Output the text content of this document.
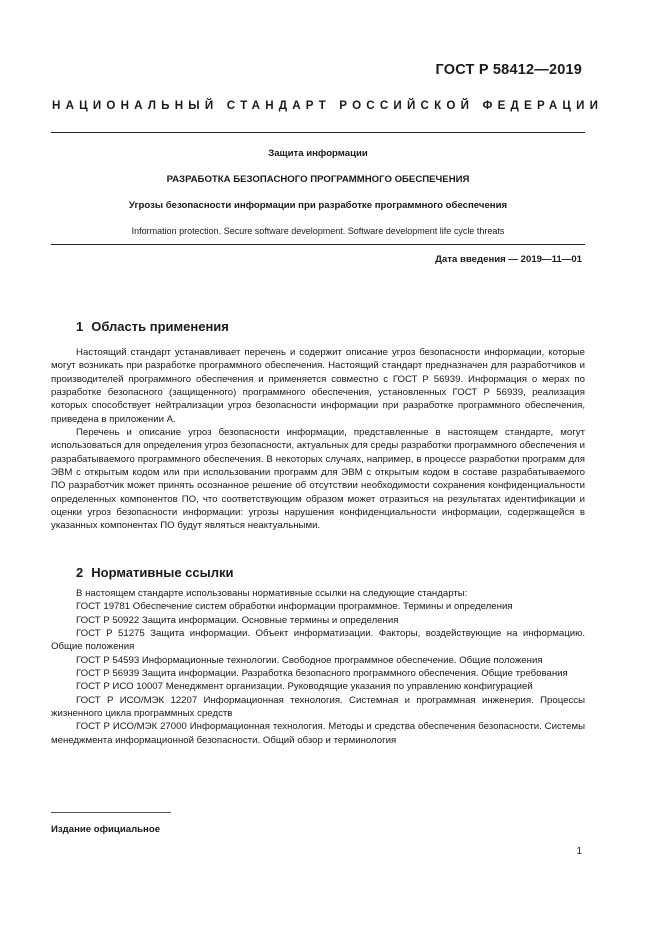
ГОСТ Р 58412—2019
НАЦИОНАЛЬНЫЙ СТАНДАРТ РОССИЙСКОЙ ФЕДЕРАЦИИ
Защита информации
РАЗРАБОТКА БЕЗОПАСНОГО ПРОГРАММНОГО ОБЕСПЕЧЕНИЯ
Угрозы безопасности информации при разработке программного обеспечения
Information protection. Secure software development. Software development life cycle threats
Дата введения — 2019—11—01
1 Область применения

Настоящий стандарт устанавливает перечень и содержит описание угроз безопасности информации, которые могут возникать при разработке программного обеспечения. Настоящий стандарт предназначен для разработчиков и производителей программного обеспечения и применяется совместно с ГОСТ Р 56939. Информация о мерах по разработке безопасного (защищенного) программного обеспечения, установленных ГОСТ Р 56939, реализация которых способствует нейтрализации угроз безопасности информации при разработке программного обеспечения, приведена в приложении А.

Перечень и описание угроз безопасности информации, представленные в настоящем стандарте, могут использоваться для определения угроз безопасности, актуальных для среды разработки программного обеспечения и разрабатываемого программного обеспечения. В некоторых случаях, например, в процессе разработки программ для ЭВМ с открытым кодом или при использовании программ для ЭВМ с открытым кодом в составе разрабатываемого ПО разработчик может принять осознанное решение об отсутствии необходимости сохранения конфиденциальности определенных компонентов ПО, что соответствующим образом может отразиться на результатах идентификации и оценки угроз безопасности информации: угрозы нарушения конфиденциальности информации, содержащейся в указанных компонентах ПО будут являться неактуальными.

2 Нормативные ссылки

В настоящем стандарте использованы нормативные ссылки на следующие стандарты:

ГОСТ 19781 Обеспечение систем обработки информации программное. Термины и определения

ГОСТ Р 50922 Защита информации. Основные термины и определения

ГОСТ Р 51275 Защита информации. Объект информатизации. Факторы, воздействующие на информацию. Общие положения

ГОСТ Р 54593 Информационные технологии. Свободное программное обеспечение. Общие положения

ГОСТ Р 56939 Защита информации. Разработка безопасного программного обеспечения. Общие требования

ГОСТ Р ИСО 10007 Менеджмент организации. Руководящие указания по управлению конфигурацией

ГОСТ Р ИСО/МЭК 12207 Информационная технология. Системная и программная инженерия. Процессы жизненного цикла программных средств

ГОСТ Р ИСО/МЭК 27000 Информационная технология. Методы и средства обеспечения безопасности. Системы менеджмента информационной безопасности. Общий обзор и терминология

Издание официальное
1
